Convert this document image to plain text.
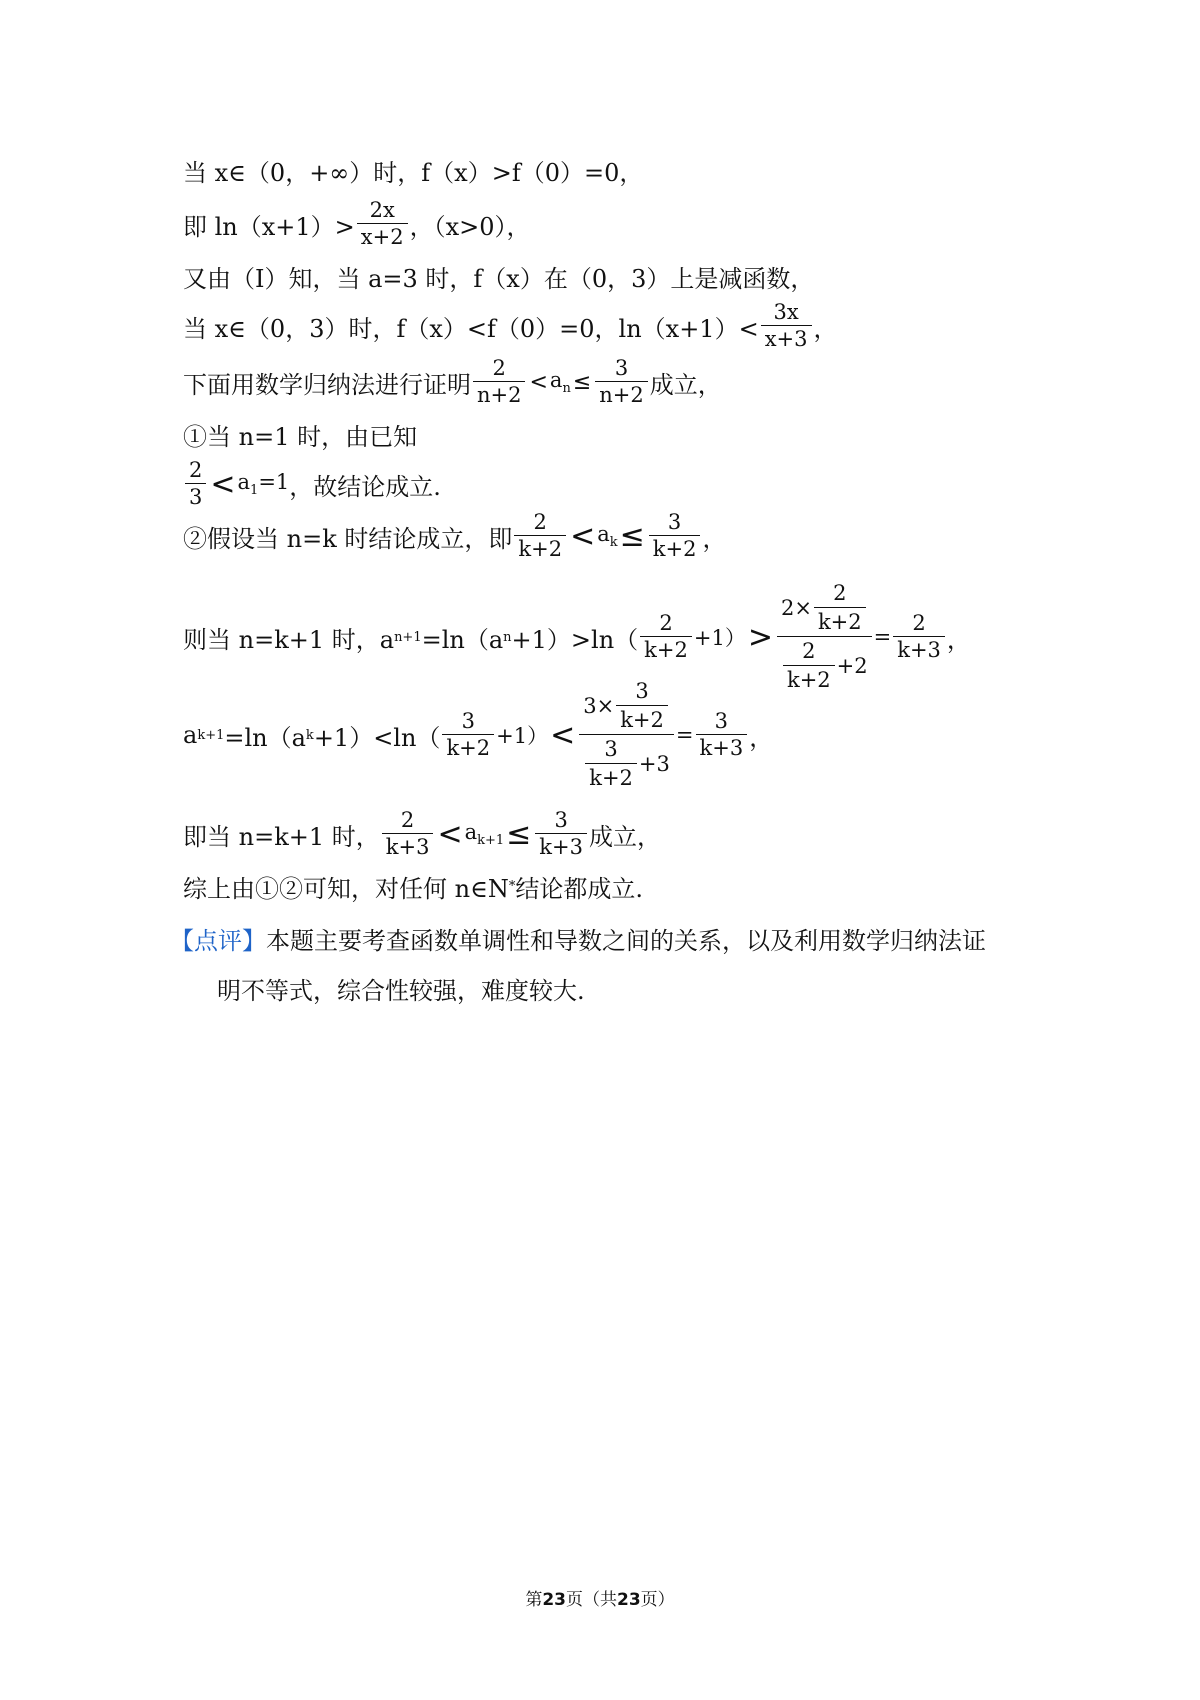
当 x∈（0，+∞）时，f（x）>f（0）=0，
即 $\ln(x+1)> \frac{2x}{x+2}$ ，（x>0），
又由（Ⅰ）知，当 a=3 时，f（x）在（0，3）上是减函数，
当 x∈（0，3）时，f（x）<f（0）=0，$\ln(x+1)< \frac{3x}{x+3}$ ，
下面用数学归纳法进行证明 $\frac{2}{n+2} < a_n \le \frac{3}{n+2}$ 成立，
①当 n=1 时，由已知
$\frac{2}{3} < a_1=1$ ，故结论成立.
②假设当 n=k 时结论成立，即 $\frac{2}{k+2} < a_k \le \frac{3}{k+2}$ ，
则当 n=k+1 时，a n+1 =ln（a $n +1)>\ln( \frac{2}{k+2} +1) > \frac{2\times \frac{2}{k+2}}{\frac{2}{k+2} +2} = \frac{2}{k+3}$ ，
a k+1 =ln（a $k +1)<\ln( \frac{3}{k+2} +1) < \frac{3\times \frac{3}{k+2}}{\frac{3}{k+2} +3} = \frac{3}{k+3}$ ，
即当 n=k+1 时， $\frac{2}{k+3} < a_{k+1} \le \frac{3}{k+3}$ 成立，
综上由①②可知，对任何 n∈N * 结论都成立.
【点评】 本题主要考查函数单调性和导数之间的关系，以及利用数学归纳法证
明不等式，综合性较强，难度较大.
第23页（共23页）
